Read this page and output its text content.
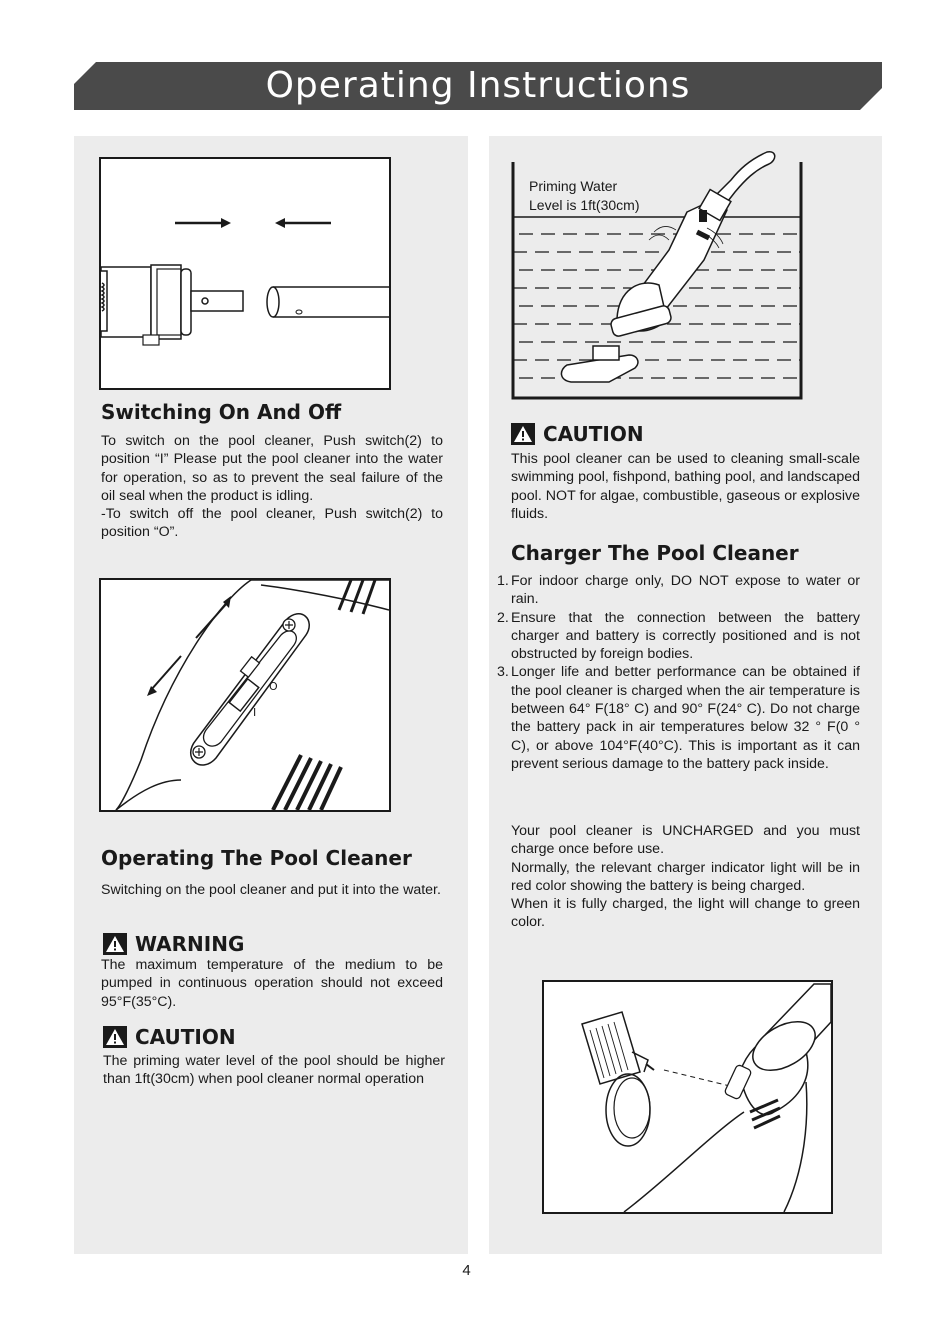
Operating Instructions
Switching On And Off

To switch on the pool cleaner, Push switch(2) to position “I” Please put the pool cleaner into the water for operation, so as to prevent the seal failure of the oil seal when the product is idling.

-To switch off the pool cleaner, Push switch(2) to position “O”.

O
I
Operating The Pool Cleaner
Switching on the pool cleaner and put it into the water.
WARNING
The maximum temperature of the medium to be pumped in continuous operation should not exceed 95°F(35°C).
CAUTION
The priming water level of the pool should be higher than 1ft(30cm) when pool cleaner normal operation
Priming Water
Level is 1ft(30cm)
CAUTION
This pool cleaner can be used to cleaning small-scale swimming pool, fishpond, bathing pool, and landscaped pool. NOT for algae, combustible, gaseous or explosive fluids.
Charger The Pool Cleaner
1. For indoor charge only, DO NOT expose to water or rain.
2. Ensure that the connection between the battery charger and battery is correctly positioned and is not obstructed by foreign bodies.
3. Longer life and better performance can be obtained if the pool cleaner is charged when the air temperature is between 64° F(18° C) and 90° F(24° C). Do not charge the battery pack in air temperatures below 32 ° F(0 ° C), or above 104°F(40°C). This is important as it can prevent serious damage to the battery pack inside.

Your pool cleaner is UNCHARGED and you must charge once before use.

Normally, the relevant charger indicator light will be in red color showing the battery is being charged.

When it is fully charged, the light will change to green color.

4
